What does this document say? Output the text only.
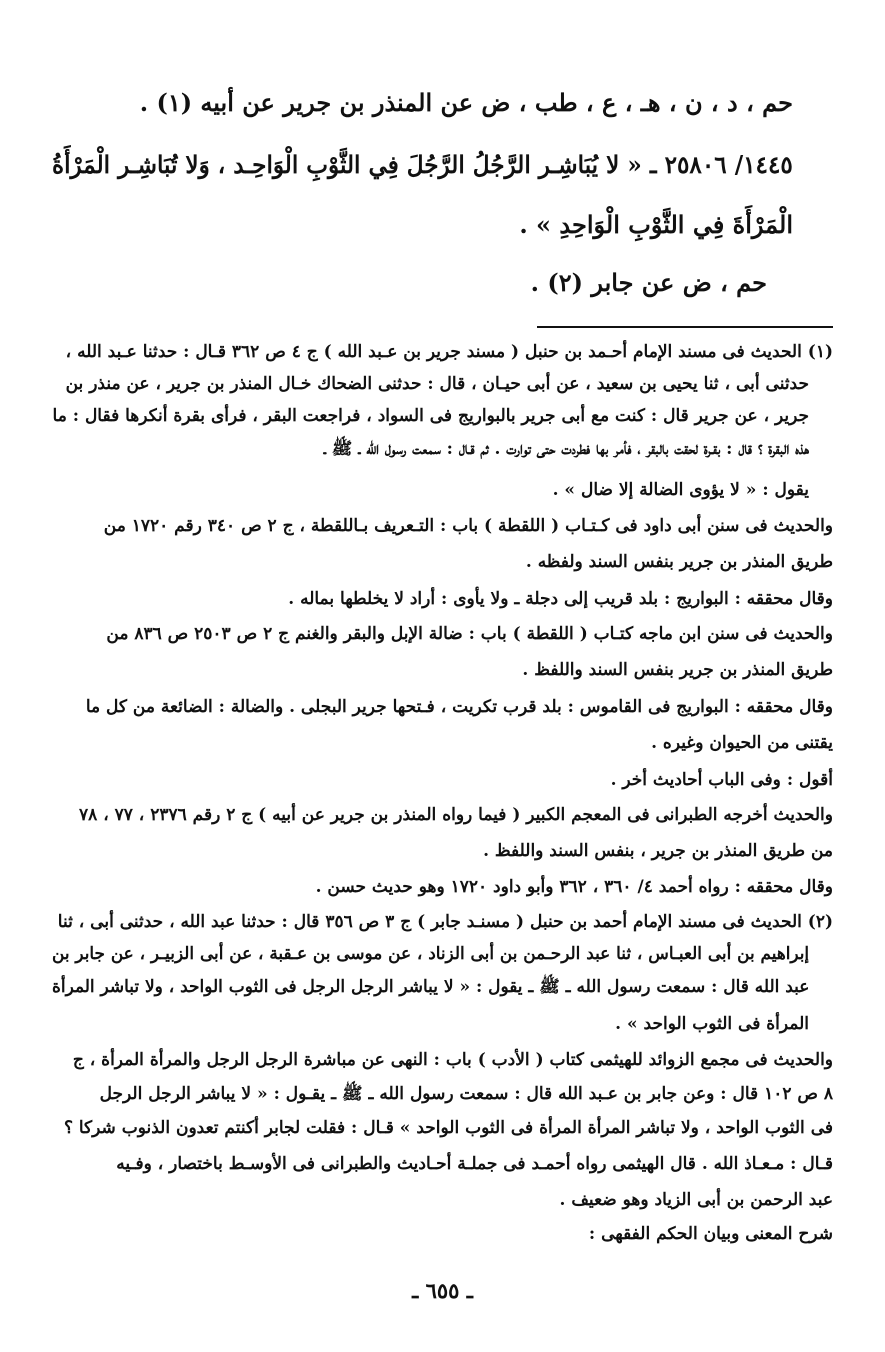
حم ، د ، ن ، هـ ، ع ، طب ، ض عن المنذر بن جرير عن أبيه (١) .
١٤٤٥/ ٢٥٨٠٦ ـ « لا يُبَاشِـر الرَّجُلُ الرَّجُلَ فِي الثَّوْبِ الْوَاحِـد ، وَلا تُبَاشِـر الْمَرْأَةُ
الْمَرْأَةَ فِي الثَّوْبِ الْوَاحِدِ » .
حم ، ض عن جابر (٢) .
(١) الحديث فى مسند الإمام أحـمد بن حنبل ( مسند جرير بن عـبد الله ) ج ٤ ص ٣٦٢ قـال : حدثنا عـبد الله ،
حدثنى أبى ، ثنا يحيى بن سعيد ، عن أبى حيـان ، قال : حدثنى الضحاك خـال المنذر بن جرير ، عن منذر بن
جرير ، عن جرير قال : كنت مع أبى جرير بالبواريج فى السواد ، فراجعت البقر ، فرأى بقرة أنكرها فقال : ما
هذه البقرة ؟ قال : بقـرة لحقت بالبقر ، فأمر بها فطردت حتى توارت . ثم قـال : سمعت رسول الله ـ ﷺ ـ
يقول : « لا يؤوى الضالة إلا ضال » .
والحديث فى سنن أبى داود فى كـتـاب ( اللقطة ) باب : التـعريف بـاللقطة ، ج ٢ ص ٣٤٠ رقم ١٧٢٠ من
طريق المنذر بن جرير بنفس السند ولفظه .
وقال محققه : البواريج : بلد قريب إلى دجلة ـ ولا يأوى : أراد لا يخلطها بماله .
والحديث فى سنن ابن ماجه كتـاب ( اللقطة ) باب : ضالة الإبل والبقر والغنم ج ٢ ص ٢٥٠٣ ص ٨٣٦ من
طريق المنذر بن جرير بنفس السند واللفظ .
وقال محققه : البواريج فى القاموس : بلد قرب تكريت ، فـتحها جرير البجلى . والضالة : الضائعة من كل ما
يقتنى من الحيوان وغيره .
أقول : وفى الباب أحاديث أخر .
والحديث أخرجه الطبرانى فى المعجم الكبير ( فيما رواه المنذر بن جرير عن أبيه ) ج ٢ رقم ٢٣٧٦ ، ٧٧ ، ٧٨
من طريق المنذر بن جرير ، بنفس السند واللفظ .
وقال محققه : رواه أحمد ٤/ ٣٦٠ ، ٣٦٢ وأبو داود ١٧٢٠ وهو حديث حسن .
(٢) الحديث فى مسند الإمام أحمد بن حنبل ( مسنـد جابر ) ج ٣ ص ٣٥٦ قال : حدثنا عبد الله ، حدثنى أبى ، ثنا
إبراهيم بن أبى العبـاس ، ثنا عبد الرحـمن بن أبى الزناد ، عن موسى بن عـقبة ، عن أبى الزبيـر ، عن جابر بن
عبد الله قال : سمعت رسول الله ـ ﷺ ـ يقول : « لا يباشر الرجل الرجل فى الثوب الواحد ، ولا تباشر المرأة
المرأة فى الثوب الواحد » .
والحديث فى مجمع الزوائد للهيثمى كتاب ( الأدب ) باب : النهى عن مباشرة الرجل الرجل والمرأة المرأة ، ج
٨ ص ١٠٢ قال : وعن جابر بن عـبد الله قال : سمعت رسول الله ـ ﷺ ـ يقـول : « لا يباشر الرجل الرجل
فى الثوب الواحد ، ولا تباشر المرأة المرأة فى الثوب الواحد » قـال : فقلت لجابر أكنتم تعدون الذنوب شركا ؟
قـال : مـعـاذ الله . قال الهيثمى رواه أحمـد فى جملـة أحـاديث والطبرانى فى الأوسـط باختصار ، وفـيه
عبد الرحمن بن أبى الزياد وهو ضعيف .
شرح المعنى وبيان الحكم الفقهى :
ـ ٦٥٥ ـ
